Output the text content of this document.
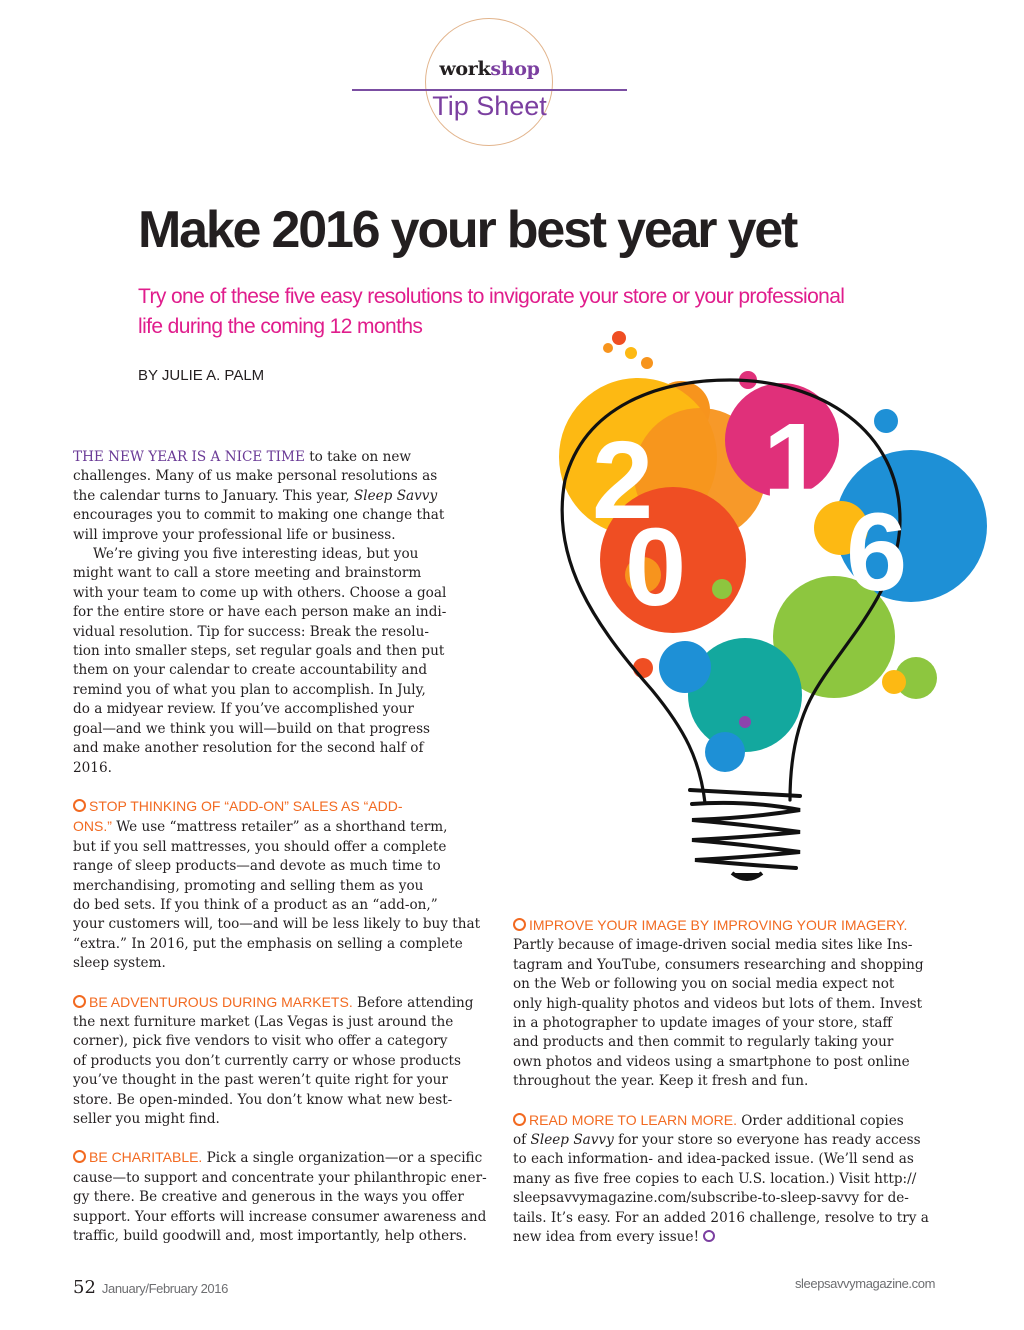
workshop
Tip Sheet
Make 2016 your best year yet
Try one of these five easy resolutions to invigorate your store or your professional
life during the coming 12 months
BY JULIE A. PALM
2
0
1
6
THE NEW YEAR IS A NICE TIME to take on new
challenges. Many of us make personal resolutions as
the calendar turns to January. This year, Sleep Savvy
encourages you to commit to making one change that
will improve your professional life or business.
We’re giving you five interesting ideas, but you
might want to call a store meeting and brainstorm
with your team to come up with others. Choose a goal
for the entire store or have each person make an indi-
vidual resolution. Tip for success: Break the resolu-
tion into smaller steps, set regular goals and then put
them on your calendar to create accountability and
remind you of what you plan to accomplish. In July,
do a midyear review. If you’ve accomplished your
goal—and we think you will—build on that progress
and make another resolution for the second half of
2016.
STOP THINKING OF “ADD-ON” SALES AS “ADD-
ONS.” We use “mattress retailer” as a shorthand term,
but if you sell mattresses, you should offer a complete
range of sleep products—and devote as much time to
merchandising, promoting and selling them as you
do bed sets. If you think of a product as an “add-on,”
your customers will, too—and will be less likely to buy that
“extra.” In 2016, put the emphasis on selling a complete
sleep system.
BE ADVENTUROUS DURING MARKETS. Before attending
the next furniture market (Las Vegas is just around the
corner), pick five vendors to visit who offer a category
of products you don’t currently carry or whose products
you’ve thought in the past weren’t quite right for your
store. Be open-minded. You don’t know what new best-
seller you might find.
BE CHARITABLE. Pick a single organization—or a specific
cause—to support and concentrate your philanthropic ener-
gy there. Be creative and generous in the ways you offer
support. Your efforts will increase consumer awareness and
traffic, build goodwill and, most importantly, help others.
IMPROVE YOUR IMAGE BY IMPROVING YOUR IMAGERY.
Partly because of image-driven social media sites like Ins-
tagram and YouTube, consumers researching and shopping
on the Web or following you on social media expect not
only high-quality photos and videos but lots of them. Invest
in a photographer to update images of your store, staff
and products and then commit to regularly taking your
own photos and videos using a smartphone to post online
throughout the year. Keep it fresh and fun.
READ MORE TO LEARN MORE. Order additional copies
of Sleep Savvy for your store so everyone has ready access
to each information- and idea-packed issue. (We’ll send as
many as five free copies to each U.S. location.) Visit http://
sleepsavvymagazine.com/subscribe-to-sleep-savvy for de-
tails. It’s easy. For an added 2016 challenge, resolve to try a
new idea from every issue!
52 January/February 2016	sleepsavvymagazine.com
